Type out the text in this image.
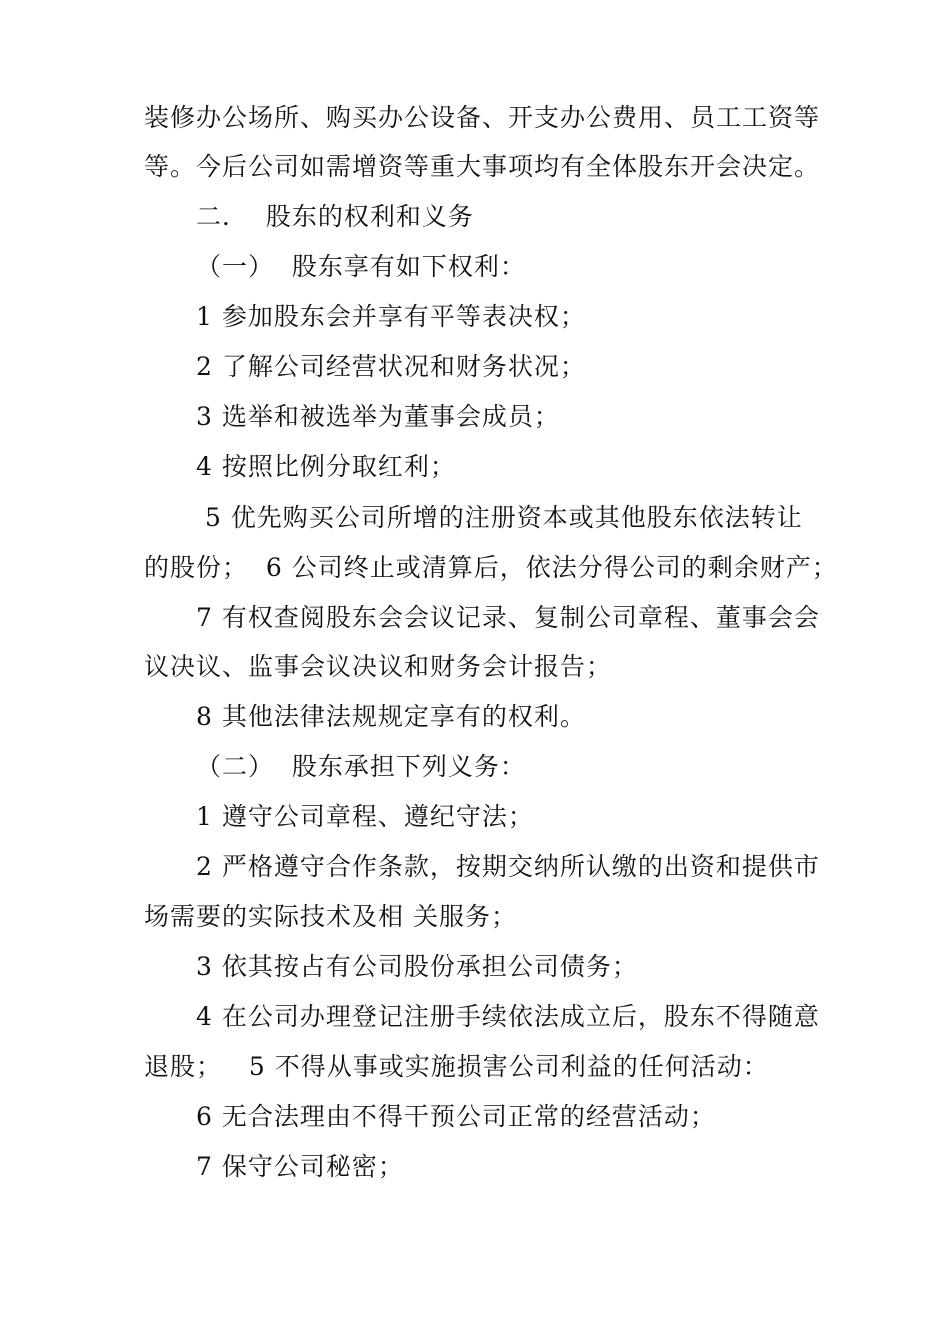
装修办公场所、购买办公设备、开支办公费用、员工工资等
等。今后公司如需增资等重大事项均有全体股东开会决定。
二．  股东的权利和义务
（一）  股东享有如下权利：
1 参加股东会并享有平等表决权；
2 了解公司经营状况和财务状况；
3 选举和被选举为董事会成员；
4 按照比例分取红利；
5 优先购买公司所增的注册资本或其他股东依法转让
的股份；  6 公司终止或清算后，依法分得公司的剩余财产；
7 有权查阅股东会会议记录、复制公司章程、董事会会
议决议、监事会议决议和财务会计报告；
8 其他法律法规规定享有的权利。
（二）  股东承担下列义务：
1 遵守公司章程、遵纪守法；
2 严格遵守合作条款，按期交纳所认缴的出资和提供市
场需要的实际技术及相 关服务；
3 依其按占有公司股份承担公司债务；
4 在公司办理登记注册手续依法成立后，股东不得随意
退股；   5 不得从事或实施损害公司利益的任何活动：
6 无合法理由不得干预公司正常的经营活动；
7 保守公司秘密；
